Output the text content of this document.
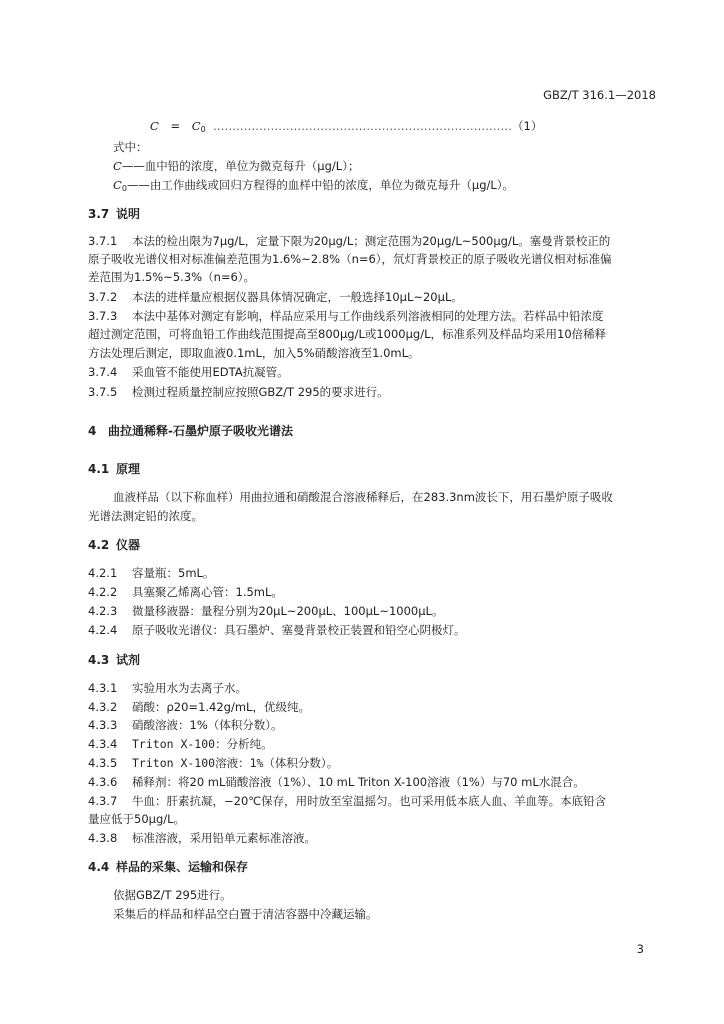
GBZ/T 316.1—2018
$C = C_0$ …………………………………………………………………… （1）
式中：
C——血中铅的浓度，单位为微克每升（μg/L）；
$C_0——$由工作曲线或回归方程得的血样中铅的浓度，单位为微克每升（μg/L）。
3.7 说明
3.7.1 本法的检出限为7μg/L，定量下限为20μg/L；测定范围为20μg/L~500μg/L。塞曼背景校正的
原子吸收光谱仪相对标准偏差范围为1.6%~2.8%（n=6），氘灯背景校正的原子吸收光谱仪相对标准偏
差范围为1.5%~5.3%（n=6）。
3.7.2 本法的进样量应根据仪器具体情况确定，一般选择10μL~20μL。
3.7.3 本法中基体对测定有影响，样品应采用与工作曲线系列溶液相同的处理方法。若样品中铅浓度
超过测定范围，可将血铅工作曲线范围提高至800μg/L或1000μg/L，标准系列及样品均采用10倍稀释
方法处理后测定，即取血液0.1mL，加入5%硝酸溶液至1.0mL。
3.7.4 采血管不能使用EDTA抗凝管。
3.7.5 检测过程质量控制应按照GBZ/T 295的要求进行。
4 曲拉通稀释-石墨炉原子吸收光谱法
4.1 原理
血液样品（以下称血样）用曲拉通和硝酸混合溶液稀释后，在283.3nm波长下，用石墨炉原子吸收
光谱法测定铅的浓度。
4.2 仪器
4.2.1 容量瓶：5mL。
4.2.2 具塞聚乙烯离心管：1.5mL。
4.2.3 微量移液器：量程分别为20μL~200μL、100μL~1000μL。
4.2.4 原子吸收光谱仪：具石墨炉、塞曼背景校正装置和铅空心阴极灯。
4.3 试剂
4.3.1 实验用水为去离子水。
4.3.2 硝酸：ρ20=1.42g/mL，优级纯。
4.3.3 硝酸溶液：1%（体积分数）。
4.3.4 Triton X-100：分析纯。
4.3.5 Triton X-100溶液：1%（体积分数）。
4.3.6 稀释剂：将20 mL硝酸溶液（1%）、10 mL Triton X-100溶液（1%）与70 mL水混合。
4.3.7 牛血：肝素抗凝，−20℃保存，用时放至室温摇匀。也可采用低本底人血、羊血等。本底铅含
量应低于50μg/L。
4.3.8 标准溶液，采用铅单元素标准溶液。
4.4 样品的采集、运输和保存
依据GBZ/T 295进行。
采集后的样品和样品空白置于清洁容器中冷藏运输。
3
